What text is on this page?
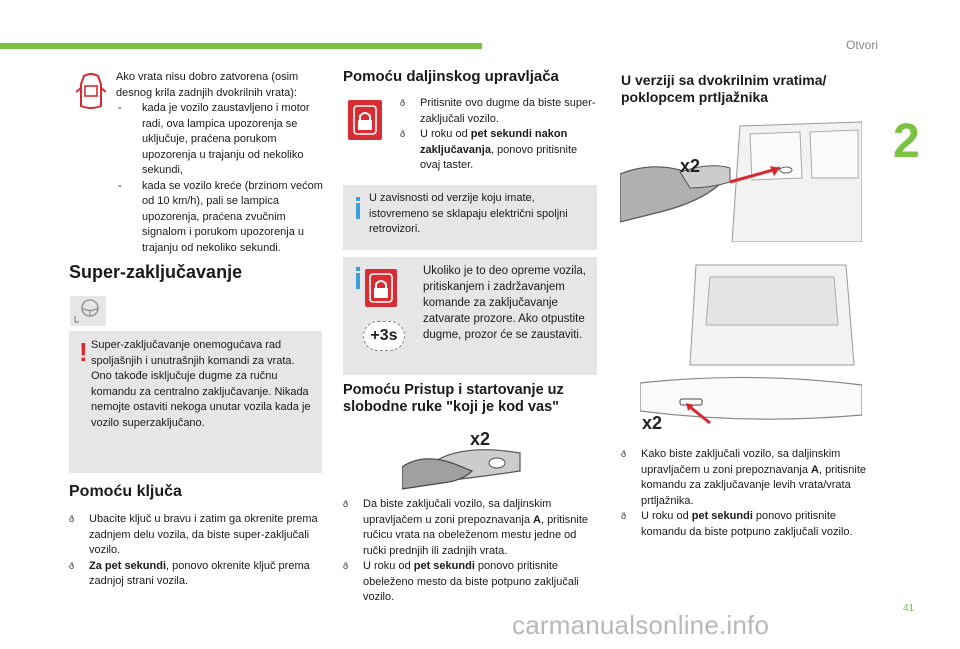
Otvori
2
Ako vrata nisu dobro zatvorena (osim desnog krila zadnjih dvokrilnih vrata):
- kada je vozilo zaustavljeno i motor radi, ova lampica upozorenja se uključuje, praćena porukom upozorenja u trajanju od nekoliko sekundi,
- kada se vozilo kreće (brzinom većom od 10 km/h), pali se lampica upozorenja, praćena zvučnim signalom i porukom upozorenja u trajanju od nekoliko sekundi.
Super-zaključavanje
! Super-zaključavanje onemogućava rad spoljašnjih i unutrašnjih komandi za vrata. Ono takođe isključuje dugme za ručnu komandu za centralno zaključavanje. Nikada nemojte ostaviti nekoga unutar vozila kada je vozilo superzaključano.
Pomoću ključa
ð Ubacite ključ u bravu i zatim ga okrenite prema zadnjem delu vozila, da biste super-zaključali vozilo.
ð Za pet sekundi, ponovo okrenite ključ prema zadnjoj strani vozila.
Pomoću daljinskog upravljača
ð Pritisnite ovo dugme da biste super-zaključali vozilo.
ð U roku od pet sekundi nakon zaključavanja, ponovo pritisnite ovaj taster.
U zavisnosti od verzije koju imate, istovremeno se sklapaju električni spoljni retrovizori.
+3s
Ukoliko je to deo opreme vozila, pritiskanjem i zadržavanjem komande za zaključavanje zatvarate prozore. Ako otpustite dugme, prozor će se zaustaviti.
Pomoću Pristup i startovanje uz slobodne ruke "koji je kod vas"
x2
ð Da biste zaključali vozilo, sa daljinskim upravljačem u zoni prepoznavanja A, pritisnite ručicu vrata na obeleženom mestu jedne od ručki prednjih ili zadnjih vrata.
ð U roku od pet sekundi ponovo pritisnite obeleženo mesto da biste potpuno zaključali vozilo.
U verziji sa dvokrilnim vratima/ poklopcem prtljažnika
x2
x2
ð Kako biste zaključali vozilo, sa daljinskim upravljačem u zoni prepoznavanja A, pritisnite komandu za zaključavanje levih vrata/vrata prtljažnika.
ð U roku od pet sekundi ponovo pritisnite komandu da biste potpuno zaključali vozilo.
41
carmanualsonline.info
